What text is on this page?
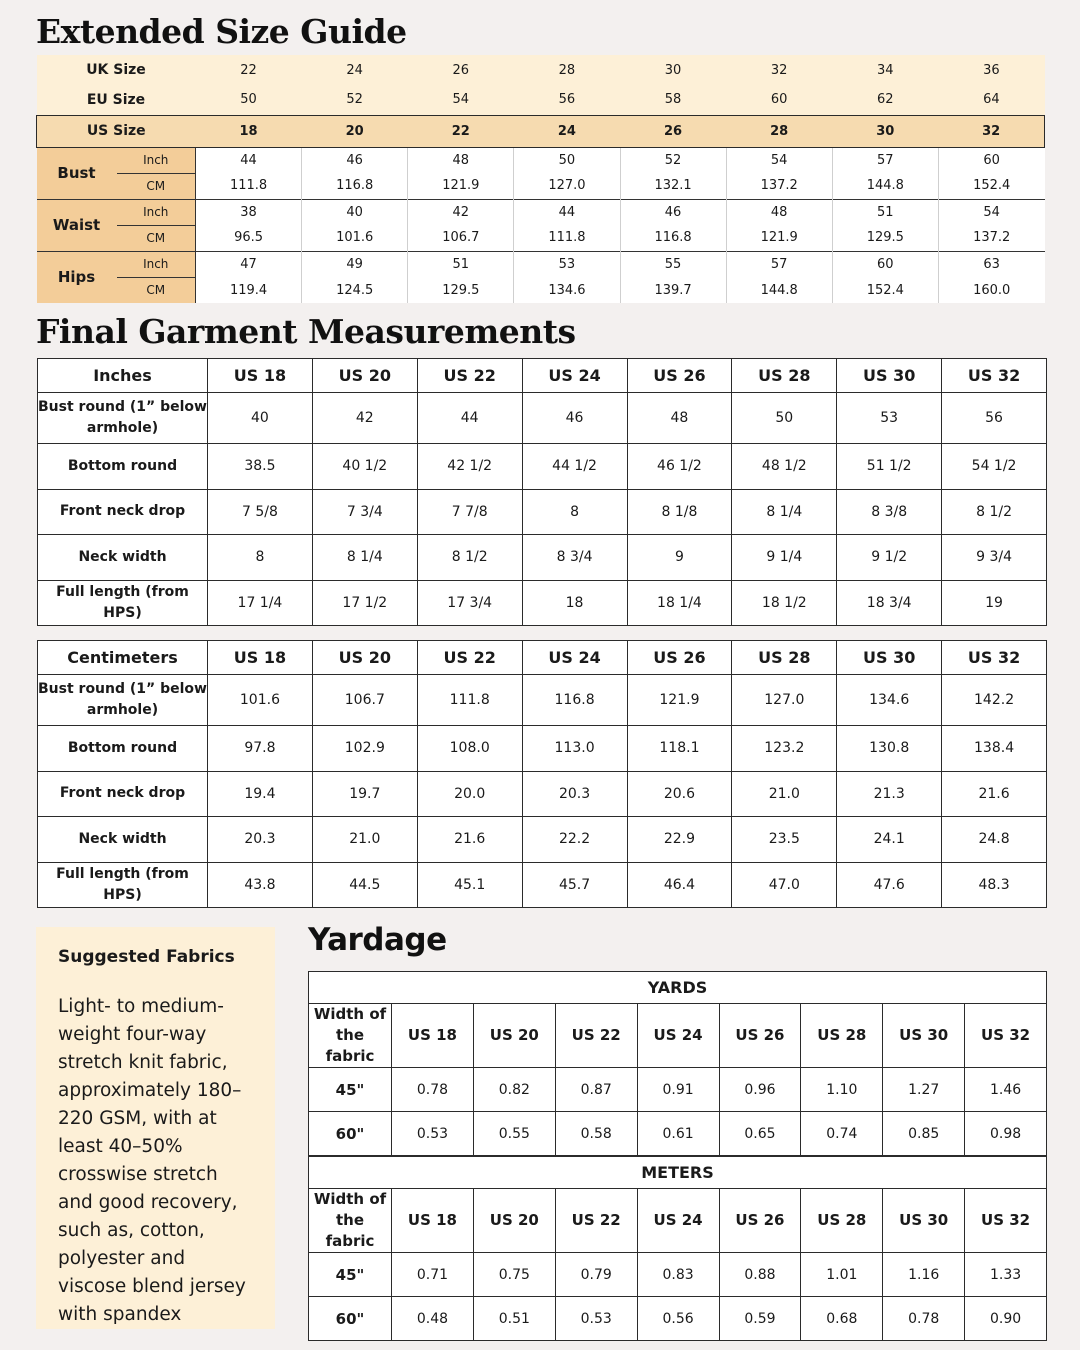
Extended Size Guide
UK Size		22	24	26	28	30	32	34	36
EU Size		50	52	54	56	58	60	62	64
US Size		18	20	22	24	26	28	30	32
Bust	Inch	44	46	48	50	52	54	57	60
	CM	111.8	116.8	121.9	127.0	132.1	137.2	144.8	152.4
Waist	Inch	38	40	42	44	46	48	51	54
	CM	96.5	101.6	106.7	111.8	116.8	121.9	129.5	137.2
Hips	Inch	47	49	51	53	55	57	60	63
	CM	119.4	124.5	129.5	134.6	139.7	144.8	152.4	160.0
Final Garment Measurements
Inches	US 18	US 20	US 22	US 24	US 26	US 28	US 30	US 32
Bust round (1” below armhole)	40	42	44	46	48	50	53	56
Bottom round	38.5	40 1/2	42 1/2	44 1/2	46 1/2	48 1/2	51 1/2	54 1/2
Front neck drop	7 5/8	7 3/4	7 7/8	8	8 1/8	8 1/4	8 3/8	8 1/2
Neck width	8	8 1/4	8 1/2	8 3/4	9	9 1/4	9 1/2	9 3/4
Full length (from HPS)	17 1/4	17 1/2	17 3/4	18	18 1/4	18 1/2	18 3/4	19
Centimeters	US 18	US 20	US 22	US 24	US 26	US 28	US 30	US 32
Bust round (1” below armhole)	101.6	106.7	111.8	116.8	121.9	127.0	134.6	142.2
Bottom round	97.8	102.9	108.0	113.0	118.1	123.2	130.8	138.4
Front neck drop	19.4	19.7	20.0	20.3	20.6	21.0	21.3	21.6
Neck width	20.3	21.0	21.6	22.2	22.9	23.5	24.1	24.8
Full length (from HPS)	43.8	44.5	45.1	45.7	46.4	47.0	47.6	48.3
Suggested Fabrics
Light- to medium-weight four-way stretch knit fabric, approximately 180–220 GSM, with at least 40–50% crosswise stretch and good recovery, such as, cotton, polyester and viscose blend jersey with spandex
Yardage
YARDS								
Width of the fabric	US 18	US 20	US 22	US 24	US 26	US 28	US 30	US 32
45"	0.78	0.82	0.87	0.91	0.96	1.10	1.27	1.46
60"	0.53	0.55	0.58	0.61	0.65	0.74	0.85	0.98
METERS								
Width of the fabric	US 18	US 20	US 22	US 24	US 26	US 28	US 30	US 32
45"	0.71	0.75	0.79	0.83	0.88	1.01	1.16	1.33
60"	0.48	0.51	0.53	0.56	0.59	0.68	0.78	0.90
